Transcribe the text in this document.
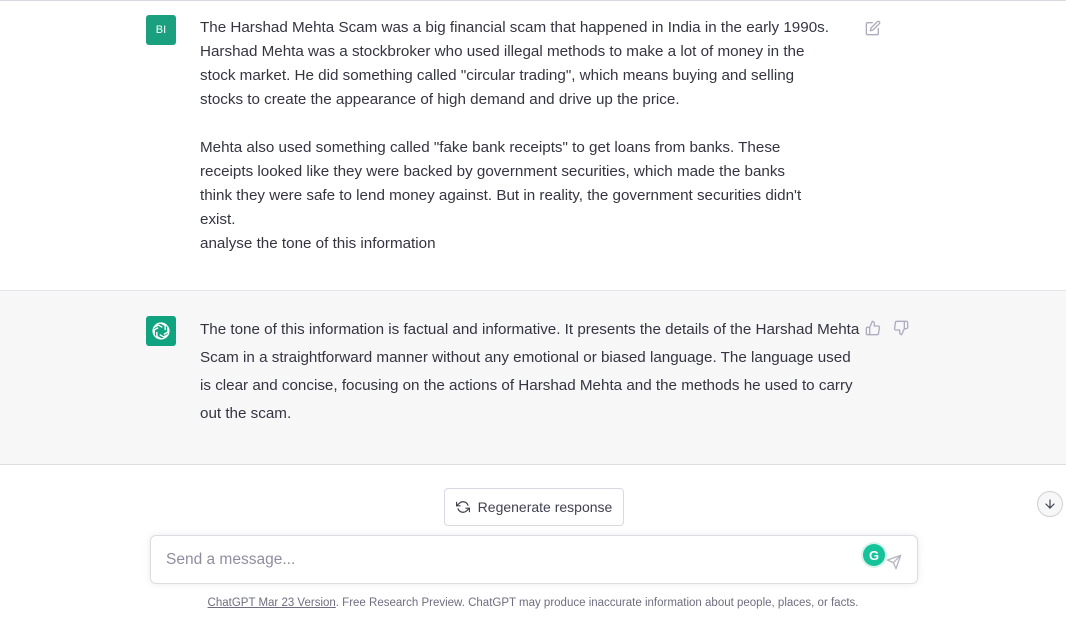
BI The Harshad Mehta Scam was a big financial scam that happened in India in the early 1990s.

Harshad Mehta was a stockbroker who used illegal methods to make a lot of money in the

stock market. He did something called "circular trading", which means buying and selling

stocks to create the appearance of high demand and drive up the price.

Mehta also used something called "fake bank receipts" to get loans from banks. These

receipts looked like they were backed by government securities, which made the banks

think they were safe to lend money against. But in reality, the government securities didn't

exist.

analyse the tone of this information

The tone of this information is factual and informative. It presents the details of the Harshad Mehta Scam in a straightforward manner without any emotional or biased language. The language used is clear and concise, focusing on the actions of Harshad Mehta and the methods he used to carry out the scam.
Regenerate response
Send a message...
G
ChatGPT Mar 23 Version. Free Research Preview. ChatGPT may produce inaccurate information about people, places, or facts.
